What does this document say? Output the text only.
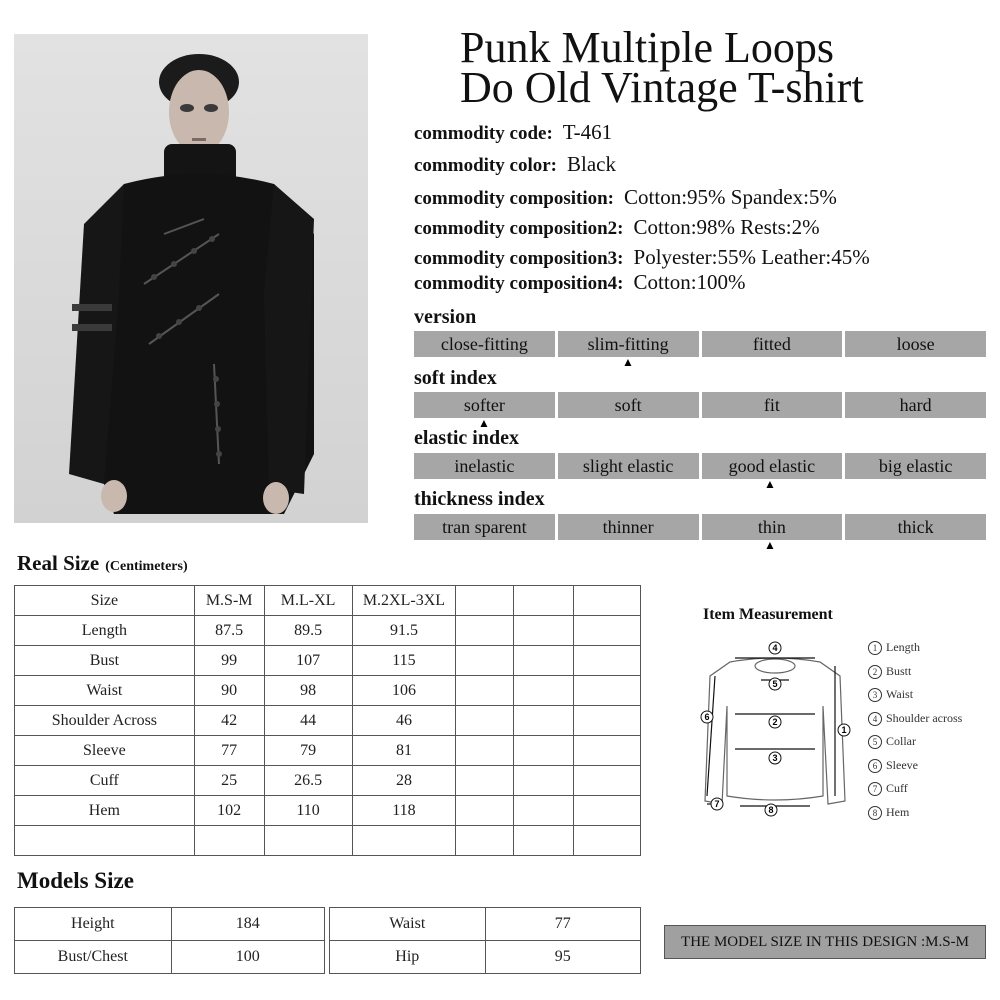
Punk Multiple Loops
Do Old Vintage T-shirt
commodity code: T-461
commodity color: Black
commodity composition: Cotton:95% Spandex:5%
commodity composition2: Cotton:98% Rests:2%
commodity composition3: Polyester:55% Leather:45%
commodity composition4: Cotton:100%
version
close-fitting	slim-fitting	fitted	loose
▲
soft index
softer	soft	fit	hard
▲
elastic index
inelastic	slight elastic	good elastic	big elastic
▲
thickness index
tran sparent	thinner	thin	thick
▲
Real Size (Centimeters)
Size	M.S-M	M.L-XL	M.2XL-3XL			
Length	87.5	89.5	91.5			
Bust	99	107	115			
Waist	90	98	106			
Shoulder Across	42	44	46			
Sleeve	77	79	81			
Cuff	25	26.5	28			
Hem	102	110	118			

Item Measurement
4
5
2
3
1
6
7
8
1 Length
2 Bustt
3 Waist
4 Shoulder across
5 Collar
6 Sleeve
7 Cuff
8 Hem
Models Size
Height	184
Bust/Chest	100
Waist	77
Hip	95
THE MODEL SIZE IN THIS DESIGN :M.S-M
